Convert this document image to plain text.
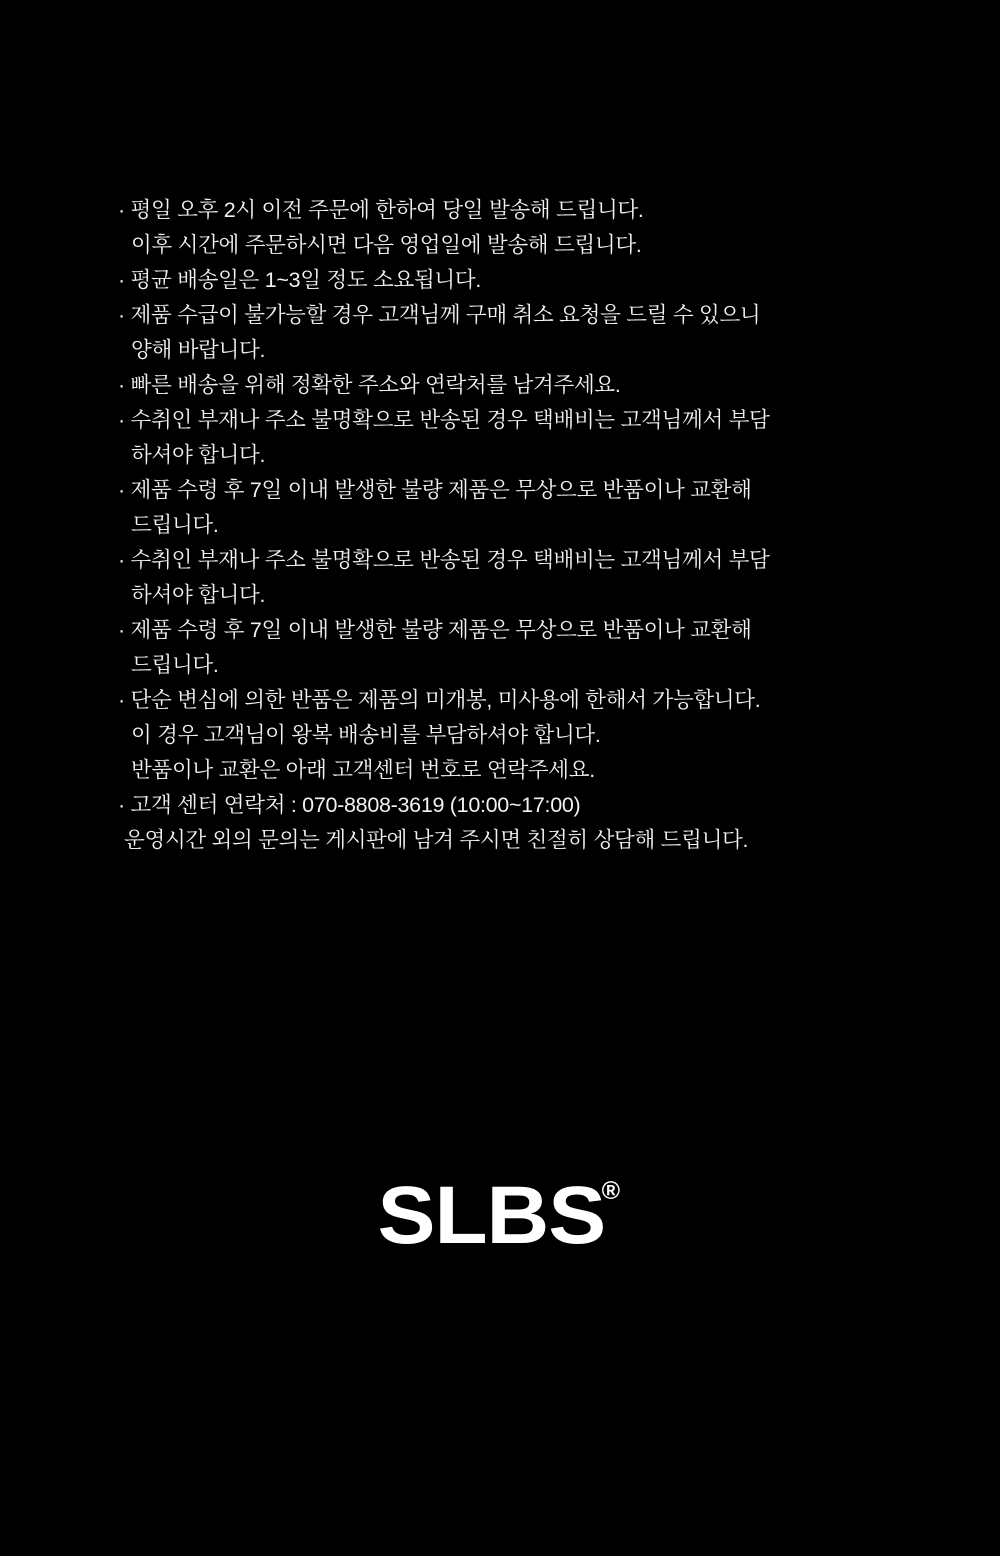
· 평일 오후 2시 이전 주문에 한하여 당일 발송해 드립니다.
이후 시간에 주문하시면 다음 영업일에 발송해 드립니다.
· 평균 배송일은 1~3일 정도 소요됩니다.
· 제품 수급이 불가능할 경우 고객님께 구매 취소 요청을 드릴 수 있으니
양해 바랍니다.
· 빠른 배송을 위해 정확한 주소와 연락처를 남겨주세요.
· 수취인 부재나 주소 불명확으로 반송된 경우 택배비는 고객님께서 부담
하셔야 합니다.
· 제품 수령 후 7일 이내 발생한 불량 제품은 무상으로 반품이나 교환해
드립니다.
· 수취인 부재나 주소 불명확으로 반송된 경우 택배비는 고객님께서 부담
하셔야 합니다.
· 제품 수령 후 7일 이내 발생한 불량 제품은 무상으로 반품이나 교환해
드립니다.
· 단순 변심에 의한 반품은 제품의 미개봉, 미사용에 한해서 가능합니다.
이 경우 고객님이 왕복 배송비를 부담하셔야 합니다.
반품이나 교환은 아래 고객센터 번호로 연락주세요.
· 고객 센터 연락처 : 070-8808-3619 (10:00~17:00)
운영시간 외의 문의는 게시판에 남겨 주시면 친절히 상담해 드립니다.
SLBS®
